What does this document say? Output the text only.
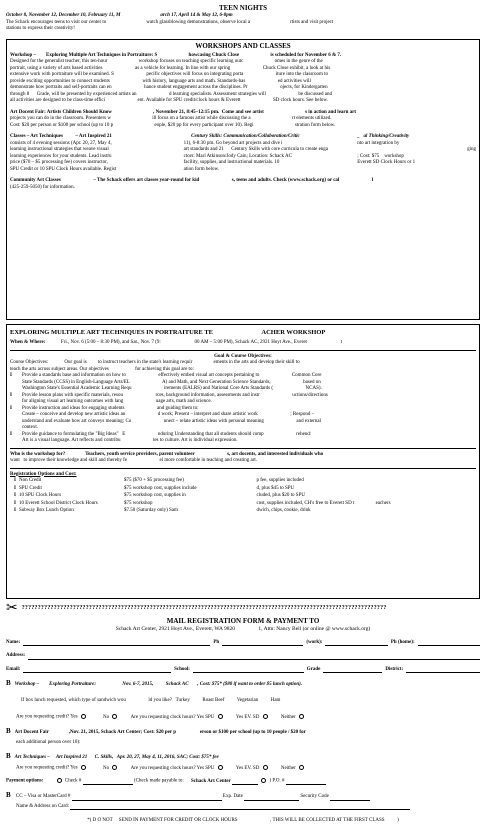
TEEN NIGHTS
October 8, November 12, December 10, February 11, M                                arch 17, April 14 & May 12, 6-8pm
The Schack encourages teens to visit our center to                                watch glassblowing demonstrations, observe local a                                rtists and visit project
stations to express their creativity!
WORKSHOPS AND CLASSES
Workshop –        Exploring Multiple Art Techniques in Portraiture: S                         howcasing Chuck Close                         is scheduled for November 6 & 7.
Designed for the generalist teacher, this ten-hour                         workshop focuses on teaching specific learning outc                         omes in the genre of the
portrait, using a variety of arts based activities                          as a vehicle for learning. In line with our spring                          Chuck Close exhibit, a look at his
extensive work with portraiture will be examined. S                          pecific objectives will focus on integrating porta                          iture into the classroom to
provide exciting opportunities to connect students                          with history, language arts and math. Standards-bas                          ed activities will
demonstrate how portraits and self-portraits can en                          hance student engagement across the disciplines. Pr                          ojects, for Kindergarten
through 8      Grade, will be presented by experienced artists an                          d learning specialists. Assessment strategies will                          be discussed and
all activities are designed to be class-time effici                          ent. Available for SPU credit/clock hours & Everett                          SD clock hours. See below.
Art Docent Fair: Artists Children Should Know                                 , November 21, 8:45–12:15 pm.  Come and see artist                                 s in action and learn art
projects you can do in the classroom. Presenters w                                 ill focus on a famous artist while discussing the a                                 rt elements utilized.
Cost: $20 per person or $100 per school (up to 10 p                                 eople, $20 pp for every participant over 10). Regi                                 stration form below.
Classes – Art Techniques          – Art Inspired 21
consists of 4 evening sessions (Apr. 20, 27, May 4,
learning instructional strategies that weave visual
learning experiences for your students. Lead instru
price ($70 – $5 processing fee) covers instructor,
SPU Credit or 10 SPU Clock Hours available. Regist
Century Skills: Communication/Collaboration/Critic
11), 6-8:30 pm. Go beyond art projects and dive i
art standards and 21      Century Skills with core curricula to create enga
ctors: Mari Atkinson/Jody Cain; Location: Schack AC
facility, supplies, and instructional materials. 10
ation form below.
_   al Thinking/Creativity
nto art integration by
ging
; Cost: $75    workshop
Everett SD Clock Hours or 1
Community Art Classes                          – The Schack offers art classes year-round for kid                          s, teens and adults. Check (www.schack.org) or cal                          l
(425-259-5050) for information.
EXPLORING MULTIPLE ART TECHNIQUES IN PORTRAITURE TE                              ACHER WORKSHOP
When & Where: Fri., Nov. 6 (5:00 – 8:30 PM), and Sat., Nov. 7 (9:                           00 AM – 5:00 PM), Schack AC, 2921 Hoyt Ave., Everet                           t
Goal & Course Objectives:
Course Objectives:             Our goal is         to instruct teachers in the state's learning requir                 ements in the arts and develop their skill to
teach the arts across subject areas. Our objectives                     for achieving this goal are to:
I	Provide a standards base and information on how to                          effectively embed visual art concepts pertaining to                          Common Core
State Standards (CCSS) in English-Language Arts/EL                          A) and Math, and Next Generation Science Standards,                          based on
Washington State's Essential Academic Learning Requ                          irements (EALRS) and National Core Arts Standards (                          NCAS).
I	Provide lesson plans with specific materials, resou                          rces, background information, assessments and instr                          uctions/directions
for aligning visual art learning outcomes with lang                          uage arts, math and science.
I	Provide instruction and ideas for engaging students                          and guiding them to:
Create – conceive and develop new artistic ideas an                          d work; Present – interpret and share artistic work                          ; Respond –
understand and evaluate how art conveys meaning; Co                          nnect – relate artistic ideas with personal meaning                          and external
context.
I	Provide guidance to formulating the "Big Ideas"   E                          nduring Understanding that all students should comp                          rehend:
Art is a visual language. Art reflects and contribu                          tes to culture. Art is individual expression.
Who is the workshop for?                Teachers, youth service providers, parent volunteer                          s, art docents, and interested individuals who
want   to improve their knowledge and skill and thereby fe                          el more comfortable in teaching and creating art.
Registration Options and Cost:
I Non Credit	$75 ($70 + $5 processing fee)	p fee, supplies included
I SPU Credit	$75 workshop cost, supplies include	d, plus $45 to SPU
I 10 SPU Clock Hours	$75 workshop cost, supplies in	cluded, plus $20 to SPU
I 10 Everett School District Clock Hours	$75 workshop	cost, supplies included, CH's free to Everett SD t                 eachers
I Subway Box Lunch Option	$7.50 (Saturday only) Sam	dwich, chips, cookie, drink
✂ ??????????????????????????????????????????????????????????????????????????????????????????????????????????????????
MAIL REGISTRATION FORM & PAYMENT TO
Schack Art Center, 2921 Hoyt Ave., Everett, WA 9820                 1, Attn: Nancy Bell (or online @ www.schack.org)
Name:	Ph	(work):	Ph (home):
Address:
Email:	School:	Grade	District:
B Workshop –        Exploring Portraiture:                     Nov. 6-7, 2015,          Schack AC       , Cost: $75* ($80 if want to order $5 lunch option).

If box lunch requested, which type of sandwich wou                  ld you like?   Turkey          Roast Beef          Vegetarian          Ham

Are you requesting credit? Yes	No	Are you requesting clock hours? Yes SPU	Yes EV. SD	Neither
B Art Docent Fair                ,Nov. 21, 2015, Schack Art Center; Cost: $20 per p                   erson or $100 per school (up to 10 people / $20 for
each additional person over 10):
B Art Techniques –     Art Inspired 21      C. Skills,   Apr. 20, 27, May 4, 11, 2016, SAC; Cost: $75* fee
Are you requesting credit? Yes	No	Are you requesting clock hours? Yes SPU	Yes EV. SD	Neither
Payment options:	Check #	(Check made payable to: Schack Art Center	) P.O. #
B CC – Visa or MasterCard #	Exp. Date	Security Code
Name & Address on Card:
*( D O NOT     SEND IN PAYMENT FOR CREDIT OR CLOCK HOURS                          , THIS WILL BE COLLECTED AT THE FIRST CLASS          )
